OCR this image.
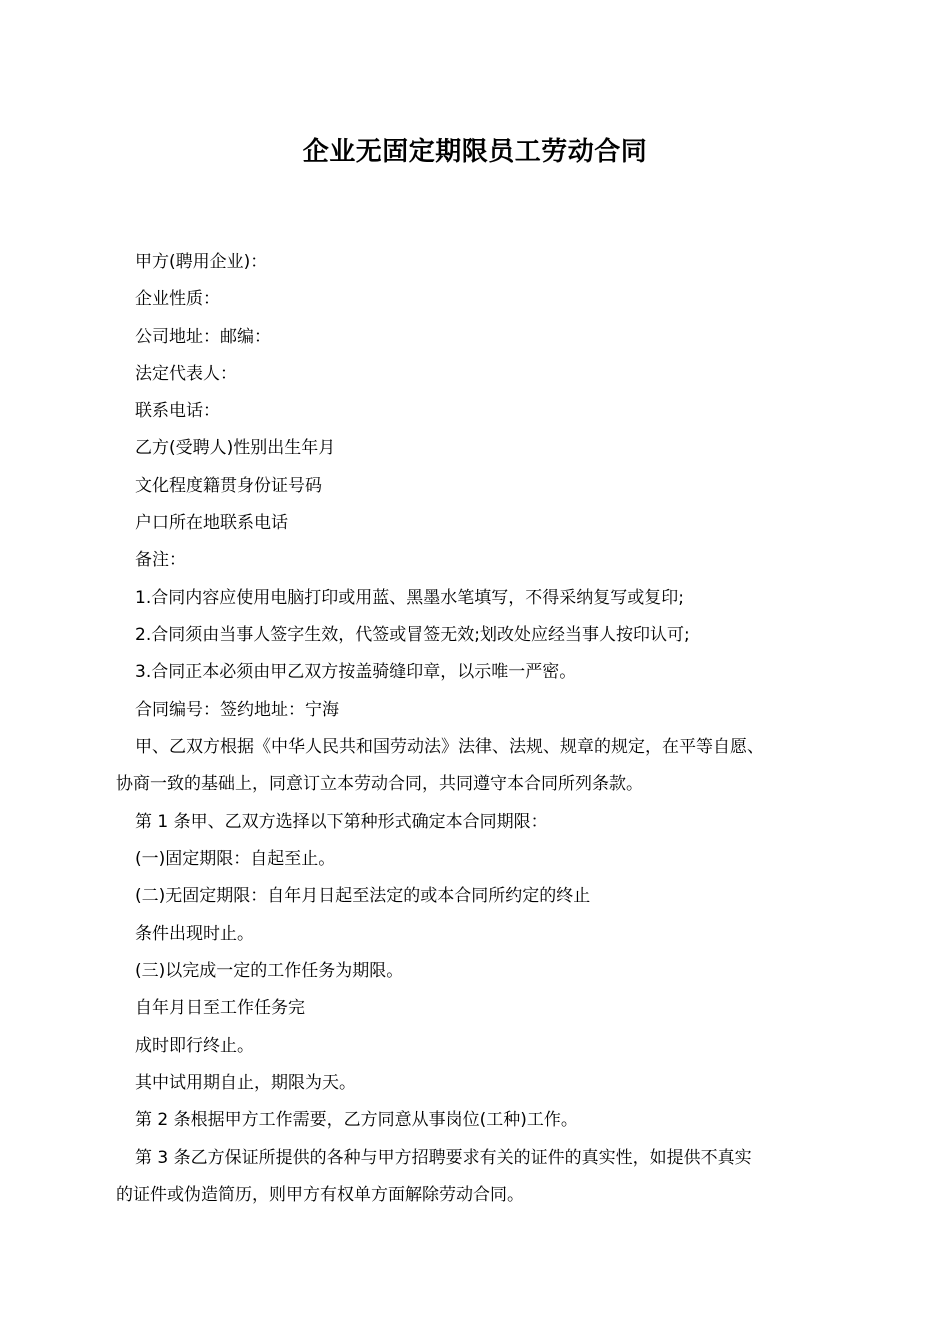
企业无固定期限员工劳动合同
甲方(聘用企业)：
企业性质：
公司地址：邮编：
法定代表人：
联系电话：
乙方(受聘人)性别出生年月
文化程度籍贯身份证号码
户口所在地联系电话
备注：
1.合同内容应使用电脑打印或用蓝、黑墨水笔填写，不得采纳复写或复印;
2.合同须由当事人签字生效，代签或冒签无效;划改处应经当事人按印认可;
3.合同正本必须由甲乙双方按盖骑缝印章，以示唯一严密。
合同编号：签约地址：宁海
甲、乙双方根据《中华人民共和国劳动法》法律、法规、规章的规定，在平等自愿、
协商一致的基础上，同意订立本劳动合同，共同遵守本合同所列条款。
第 1 条甲、乙双方选择以下第种形式确定本合同期限：
(一)固定期限：自起至止。
(二)无固定期限：自年月日起至法定的或本合同所约定的终止
条件出现时止。
(三)以完成一定的工作任务为期限。
自年月日至工作任务完
成时即行终止。
其中试用期自止，期限为天。
第 2 条根据甲方工作需要，乙方同意从事岗位(工种)工作。
第 3 条乙方保证所提供的各种与甲方招聘要求有关的证件的真实性，如提供不真实
的证件或伪造简历，则甲方有权单方面解除劳动合同。
